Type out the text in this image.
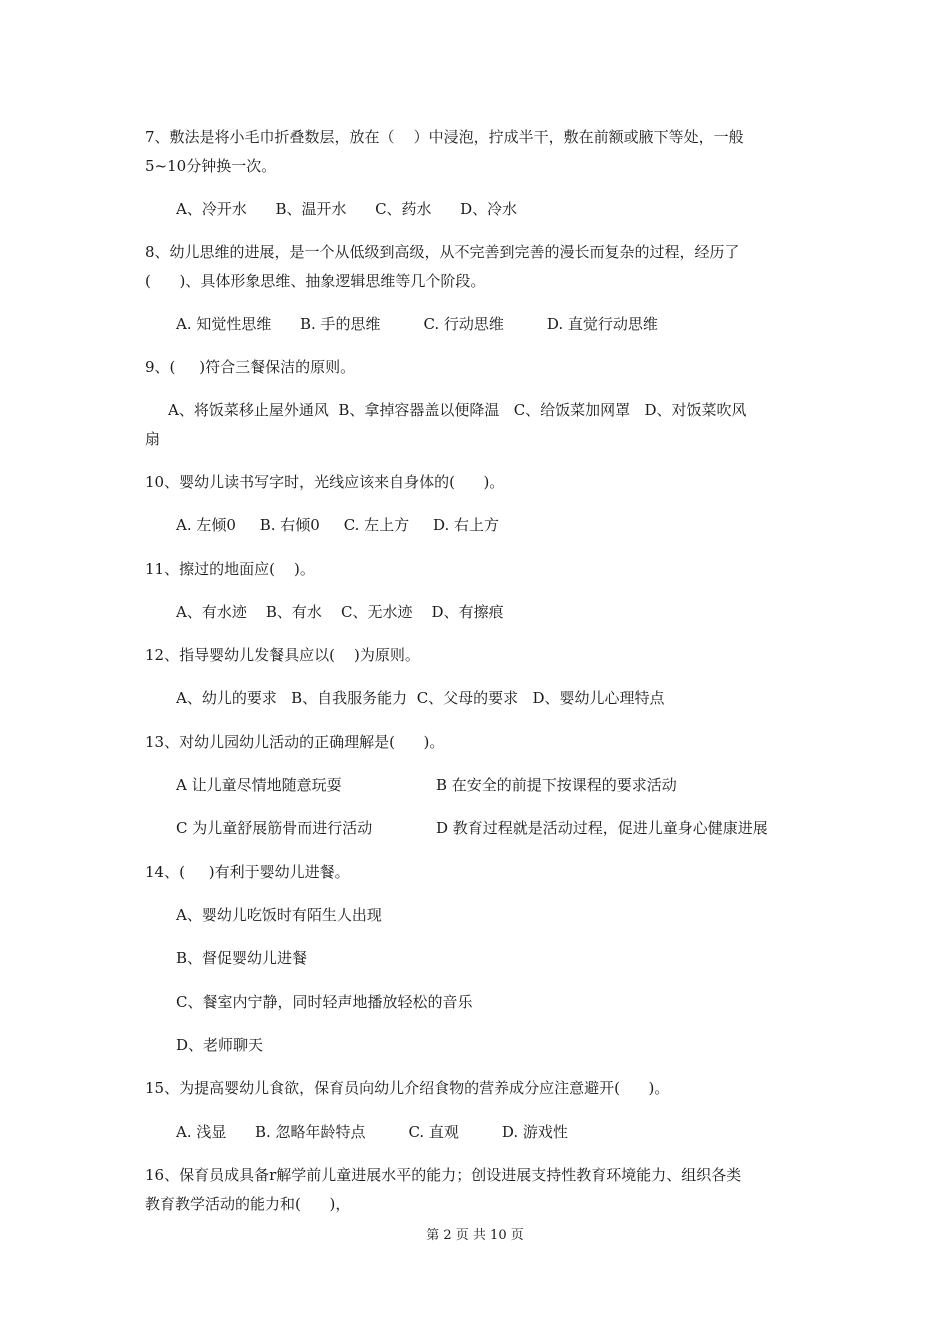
7、敷法是将小毛巾折叠数层，放在（    ）中浸泡，拧成半干，敷在前额或腋下等处，一般
5~10分钟换一次。
A、冷开水      B、温开水      C、药水      D、冷水
8、幼儿思维的进展，是一个从低级到高级，从不完善到完善的漫长而复杂的过程，经历了
(      )、具体形象思维、抽象逻辑思维等几个阶段。
A. 知觉性思维      B. 手的思维         C. 行动思维         D. 直觉行动思维
9、(     )符合三餐保洁的原则。
A、将饭菜移止屋外通风  B、拿掉容器盖以便降温   C、给饭菜加网罩   D、对饭菜吹风
扇
10、婴幼儿读书写字时，光线应该来自身体的(      )。
A. 左倾0     B. 右倾0     C. 左上方     D. 右上方
11、擦过的地面应(    )。
A、有水迹    B、有水    C、无水迹    D、有擦痕
12、指导婴幼儿发餐具应以(    )为原则。
A、幼儿的要求   B、自我服务能力  C、父母的要求   D、婴幼儿心理特点
13、对幼儿园幼儿活动的正确理解是(      )。
A 让儿童尽情地随意玩耍	B 在安全的前提下按课程的要求活动
C 为儿童舒展筋骨而进行活动	D 教育过程就是活动过程，促进儿童身心健康进展
14、(     )有利于婴幼儿进餐。
A、婴幼儿吃饭时有陌生人出现
B、督促婴幼儿进餐
C、餐室内宁静，同时轻声地播放轻松的音乐
D、老师聊天
15、为提高婴幼儿食欲，保育员向幼儿介绍食物的营养成分应注意避开(      )。
A. 浅显      B. 忽略年龄特点         C. 直观         D. 游戏性
16、保育员成具备r解学前儿童进展水平的能力；创设进展支持性教育环境能力、组织各类
教育教学活动的能力和(      )，
第 2 页 共 10 页
